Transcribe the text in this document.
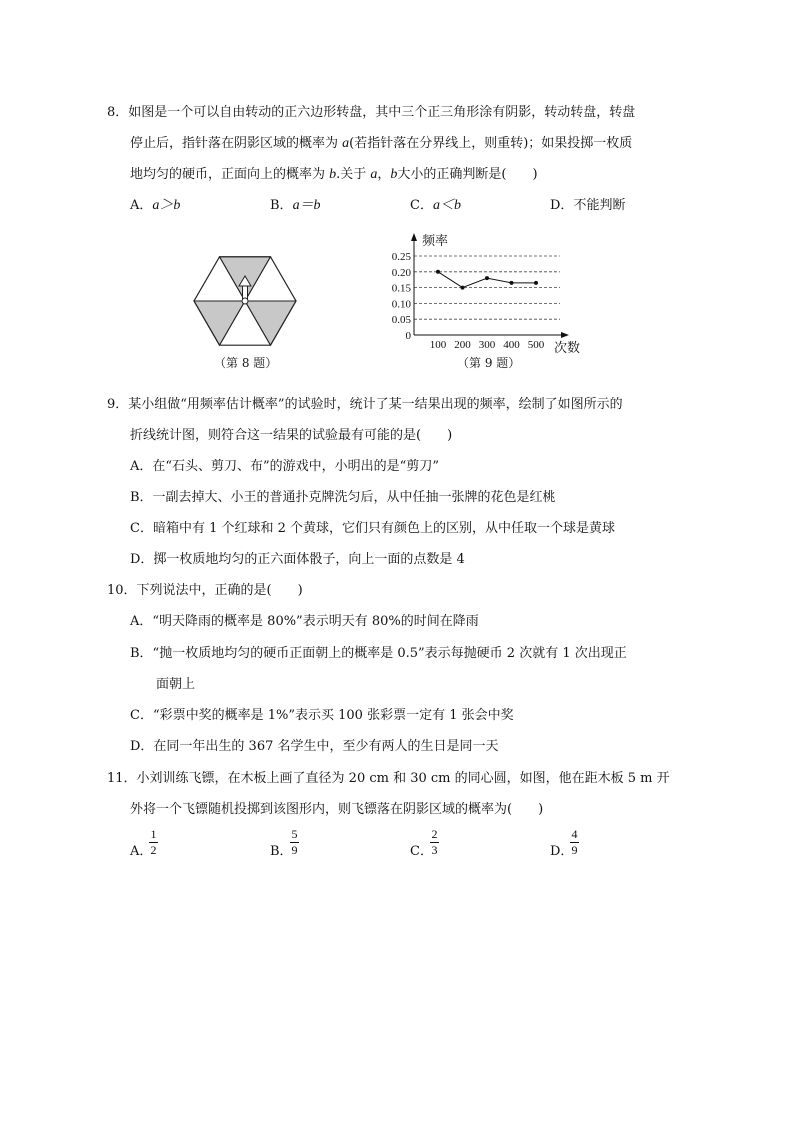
8．如图是一个可以自由转动的正六边形转盘，其中三个正三角形涂有阴影，转动转盘，转盘
停止后，指针落在阴影区域的概率为 a(若指针落在分界线上，则重转)；如果投掷一枚质
地均匀的硬币，正面向上的概率为 b.关于 a，b大小的正确判断是(　　)
A．a＞b	B．a＝b	C．a＜b	D．不能判断
（第 8 题）
0.25
0.20
0.15
0.10
0.05
0
频率
次数
100 200 300 400 500
（第 9 题）
9．某小组做“用频率估计概率”的试验时，统计了某一结果出现的频率，绘制了如图所示的
折线统计图，则符合这一结果的试验最有可能的是(　　)
A．在“石头、剪刀、布”的游戏中，小明出的是“剪刀”
B．一副去掉大、小王的普通扑克牌洗匀后，从中任抽一张牌的花色是红桃
C．暗箱中有 1 个红球和 2 个黄球，它们只有颜色上的区别，从中任取一个球是黄球
D．掷一枚质地均匀的正六面体骰子，向上一面的点数是 4
10．下列说法中，正确的是(　　)
A．“明天降雨的概率是 80%”表示明天有 80%的时间在降雨
B．“抛一枚质地均匀的硬币正面朝上的概率是 0.5”表示每抛硬币 2 次就有 1 次出现正
面朝上
C．“彩票中奖的概率是 1%”表示买 100 张彩票一定有 1 张会中奖
D．在同一年出生的 367 名学生中，至少有两人的生日是同一天
11．小刘训练飞镖，在木板上画了直径为 20 cm 和 30 cm 的同心圆，如图，他在距木板 5 m 开
外将一个飞镖随机投掷到该图形内，则飞镖落在阴影区域的概率为(　　)
A．
1
2	B．
5
9	C．
2
3	D．
4
9
